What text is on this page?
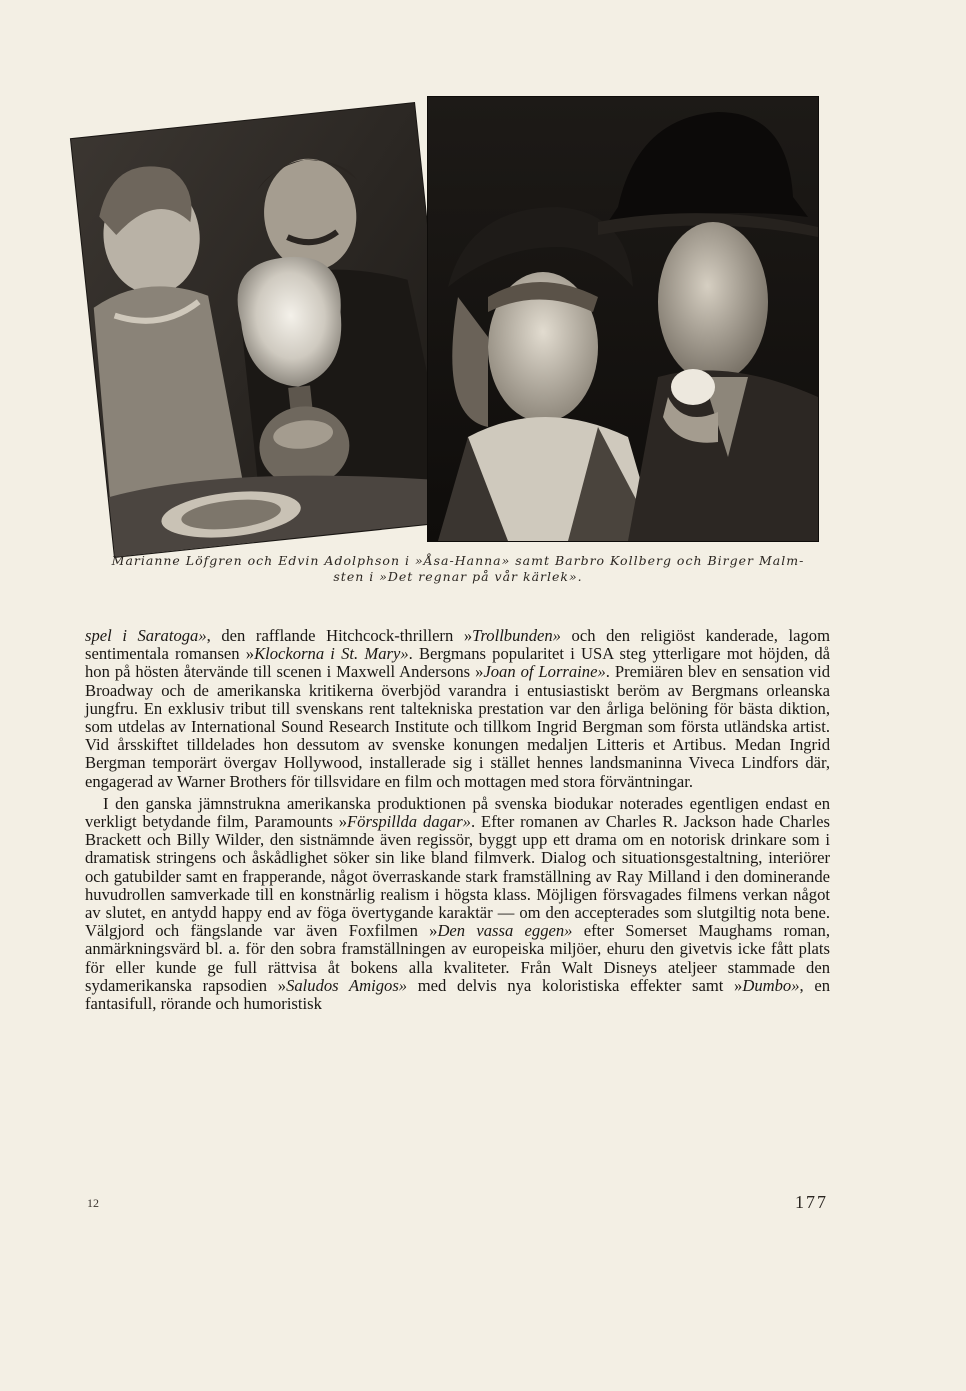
Marianne Löfgren och Edvin Adolphson i »Åsa-Hanna» samt Barbro Kollberg och Birger Malm-
sten i »Det regnar på vår kärlek».

spel i Saratoga», den rafflande Hitchcock-thrillern »Trollbunden» och den religiöst kanderade, lagom sentimentala romansen »Klockorna i St. Mary». Bergmans popularitet i USA steg ytterligare mot höjden, då hon på hösten återvände till scenen i Maxwell Andersons »Joan of Lorraine». Premiären blev en sensation vid Broadway och de amerikanska kritikerna överbjöd varandra i entusiastiskt beröm av Bergmans orleanska jungfru. En exklusiv tribut till svenskans rent taltekniska prestation var den årliga belöning för bästa diktion, som utdelas av International Sound Research Institute och tillkom Ingrid Bergman som första utländska artist. Vid årsskiftet tilldelades hon dessutom av svenske konungen medaljen Litteris et Artibus. Medan Ingrid Bergman temporärt övergav Hollywood, installerade sig i stället hennes landsmaninna Viveca Lindfors där, engagerad av Warner Brothers för tillsvidare en film och mottagen med stora förväntningar.

I den ganska jämnstrukna amerikanska produktionen på svenska biodukar noterades egentligen endast en verkligt betydande film, Paramounts »Förspillda dagar». Efter romanen av Charles R. Jackson hade Charles Brackett och Billy Wilder, den sistnämnde även regissör, byggt upp ett drama om en notorisk drinkare som i dramatisk stringens och åskådlighet söker sin like bland filmverk. Dialog och situationsgestaltning, interiörer och gatubilder samt en frapperande, något överraskande stark framställning av Ray Milland i den dominerande huvudrollen samverkade till en konstnärlig realism i högsta klass. Möjligen försvagades filmens verkan något av slutet, en antydd happy end av föga övertygande karaktär — om den accepterades som slutgiltig nota bene. Välgjord och fängslande var även Foxfilmen »Den vassa eggen» efter Somerset Maughams roman, anmärkningsvärd bl. a. för den sobra framställningen av europeiska miljöer, ehuru den givetvis icke fått plats för eller kunde ge full rättvisa åt bokens alla kvaliteter. Från Walt Disneys ateljeer stammade den sydamerikanska rapsodien »Saludos Amigos» med delvis nya koloristiska effekter samt »Dumbo», en fantasifull, rörande och humoristisk

12	177
